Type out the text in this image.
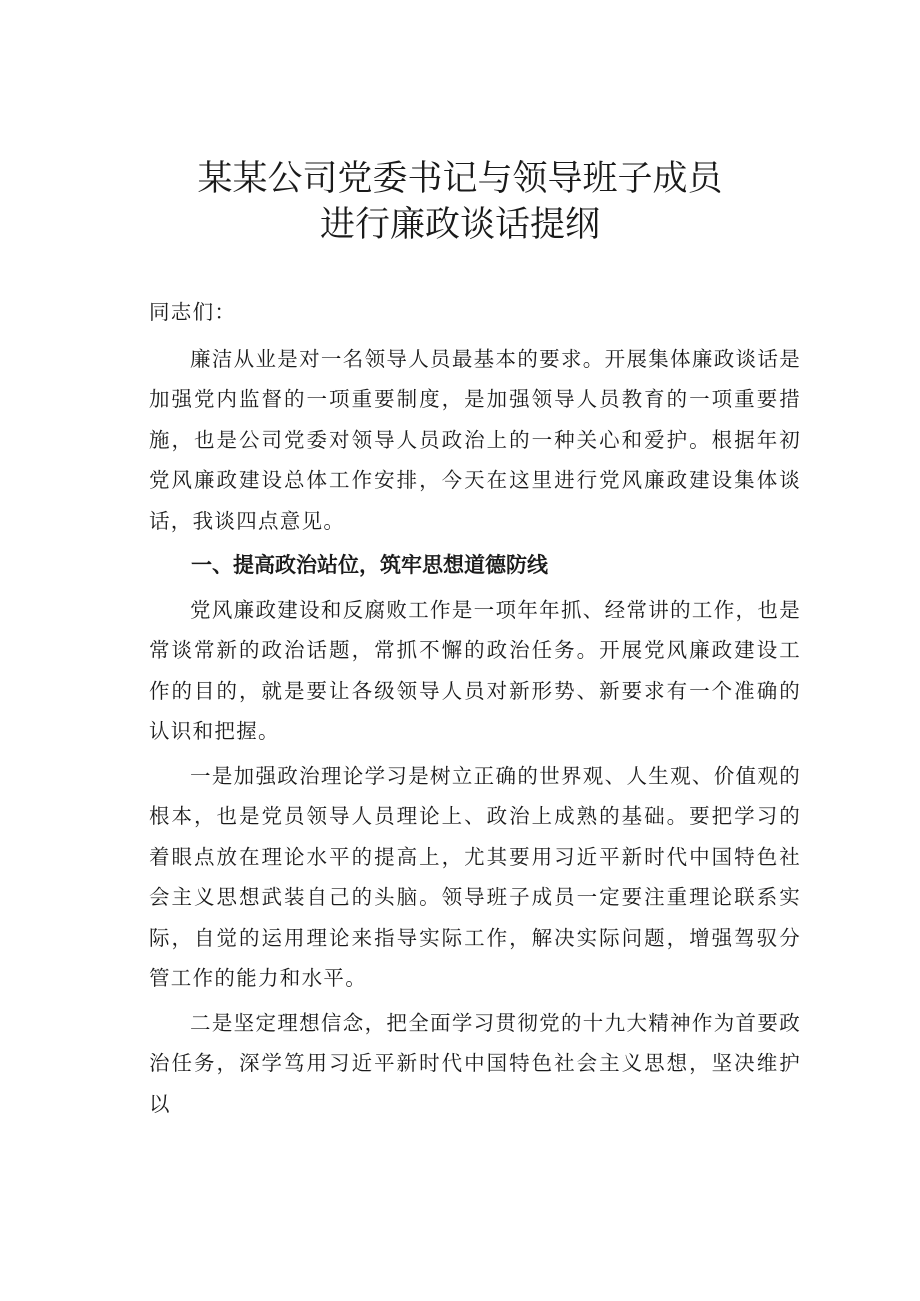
某某公司党委书记与领导班子成员
进行廉政谈话提纲

同志们：

廉洁从业是对一名领导人员最基本的要求。开展集体廉政谈话是加强党内监督的一项重要制度，是加强领导人员教育的一项重要措施，也是公司党委对领导人员政治上的一种关心和爱护。根据年初党风廉政建设总体工作安排，今天在这里进行党风廉政建设集体谈话，我谈四点意见。

一、提高政治站位，筑牢思想道德防线

党风廉政建设和反腐败工作是一项年年抓、经常讲的工作，也是常谈常新的政治话题，常抓不懈的政治任务。开展党风廉政建设工作的目的，就是要让各级领导人员对新形势、新要求有一个准确的认识和把握。

一是加强政治理论学习是树立正确的世界观、人生观、价值观的根本，也是党员领导人员理论上、政治上成熟的基础。要把学习的着眼点放在理论水平的提高上，尤其要用习近平新时代中国特色社会主义思想武装自己的头脑。领导班子成员一定要注重理论联系实际，自觉的运用理论来指导实际工作，解决实际问题，增强驾驭分管工作的能力和水平。

二是坚定理想信念，把全面学习贯彻党的十九大精神作为首要政治任务，深学笃用习近平新时代中国特色社会主义思想，坚决维护以
